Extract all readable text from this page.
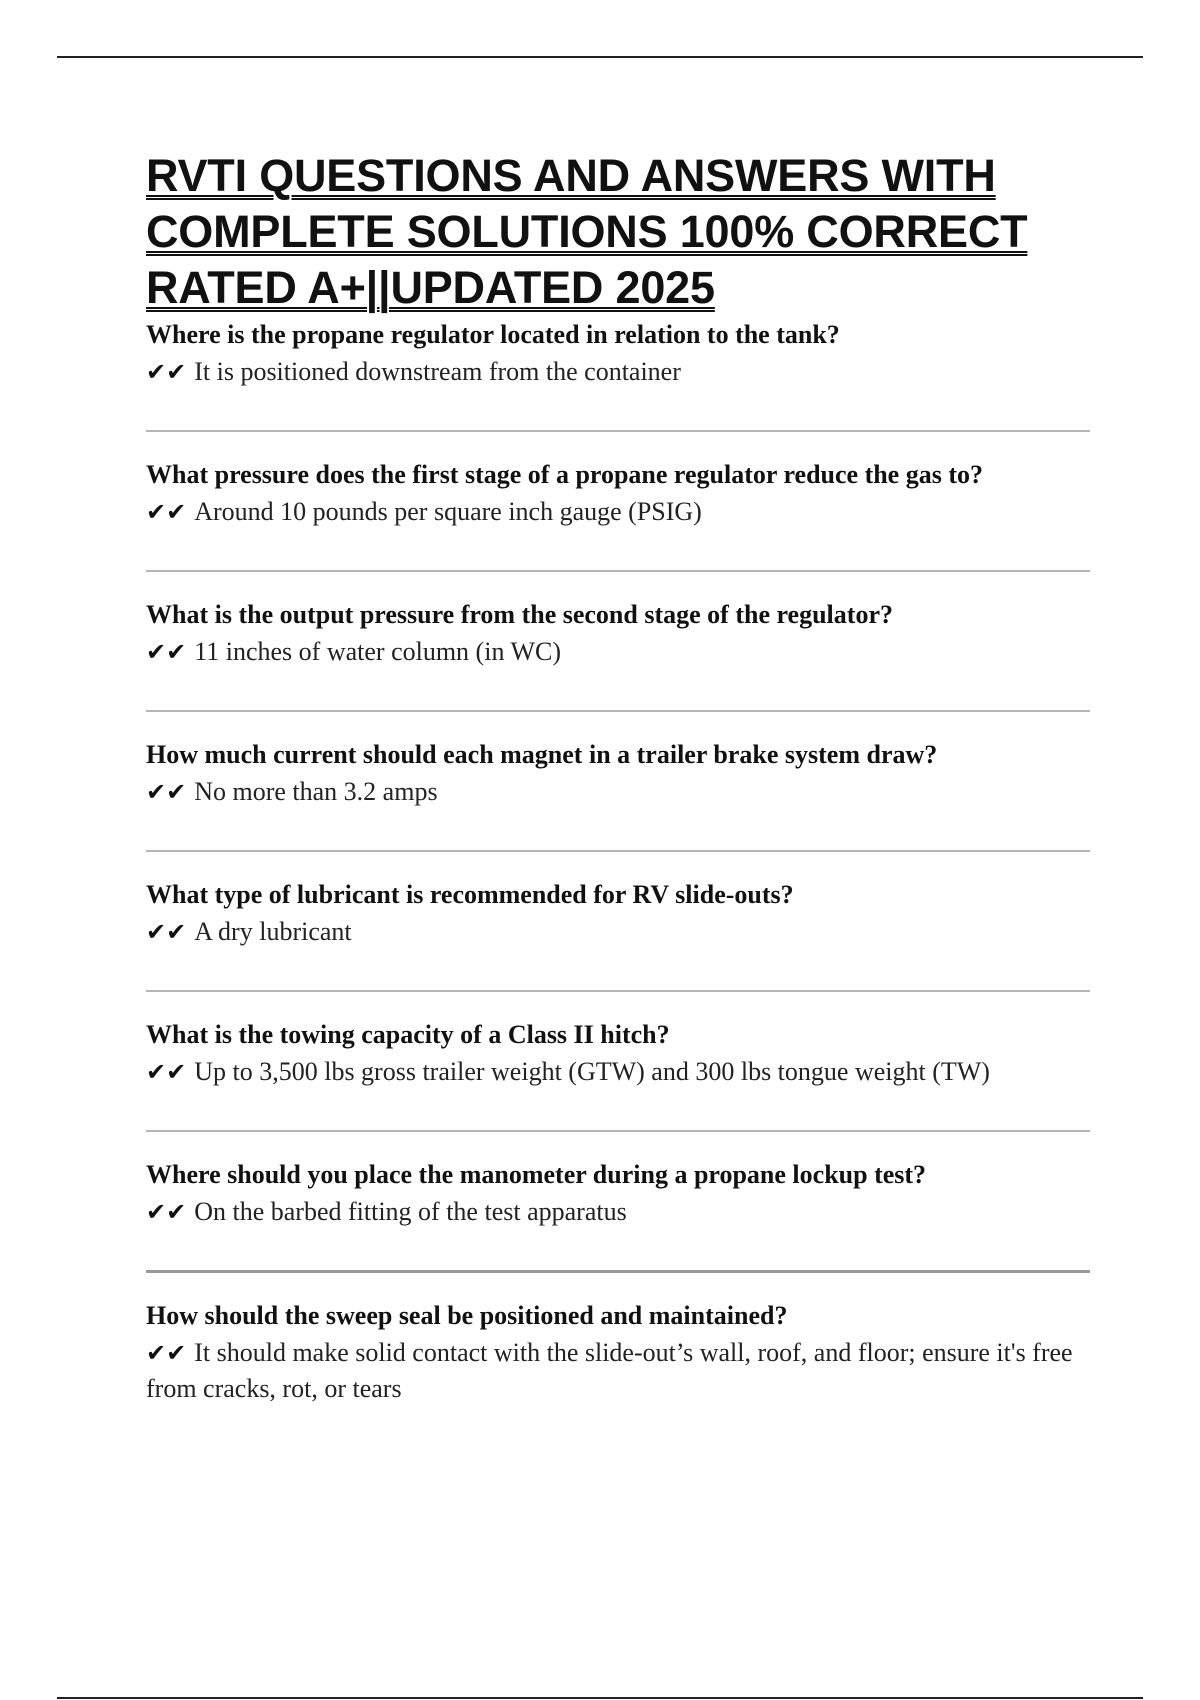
RVTI QUESTIONS AND ANSWERS WITH COMPLETE SOLUTIONS 100% CORRECT RATED A+||UPDATED 2025
Where is the propane regulator located in relation to the tank?
✔✔ It is positioned downstream from the container
What pressure does the first stage of a propane regulator reduce the gas to?
✔✔ Around 10 pounds per square inch gauge (PSIG)
What is the output pressure from the second stage of the regulator?
✔✔ 11 inches of water column (in WC)
How much current should each magnet in a trailer brake system draw?
✔✔ No more than 3.2 amps
What type of lubricant is recommended for RV slide-outs?
✔✔ A dry lubricant
What is the towing capacity of a Class II hitch?
✔✔ Up to 3,500 lbs gross trailer weight (GTW) and 300 lbs tongue weight (TW)
Where should you place the manometer during a propane lockup test?
✔✔ On the barbed fitting of the test apparatus
How should the sweep seal be positioned and maintained?
✔✔ It should make solid contact with the slide-out’s wall, roof, and floor; ensure it's free from cracks, rot, or tears
